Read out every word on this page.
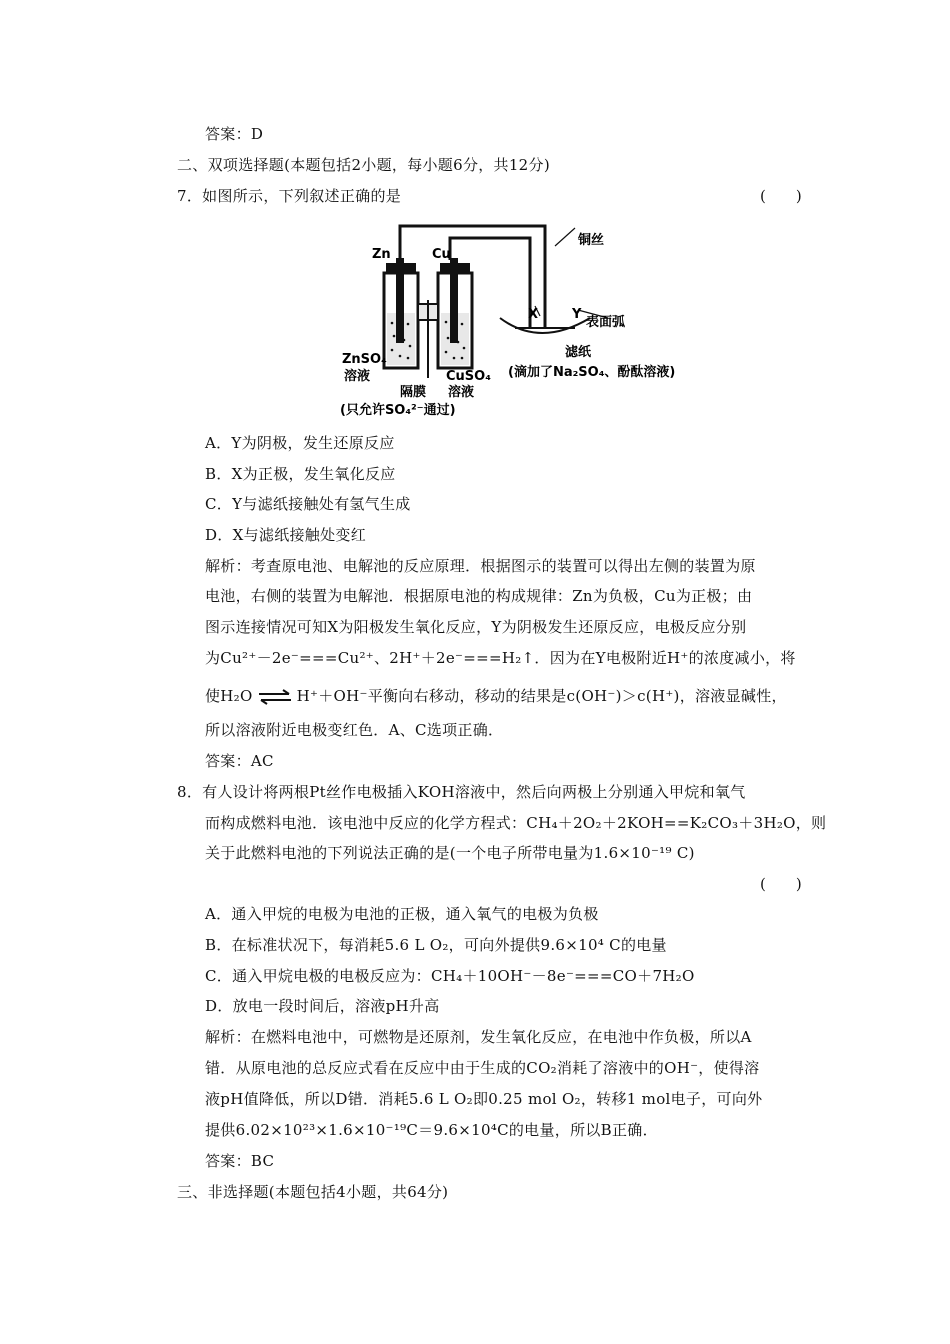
答案：D
二、双项选择题(本题包括2小题，每小题6分，共12分)
7．如图所示，下列叙述正确的是	(　　)
Zn	Cu
铜丝
X	Y
表面弧
滤纸
(滴加了Na₂SO₄、酚酞溶液)
ZnSO₄
溶液	CuSO₄
隔膜 溶液
(只允许SO₄²⁻通过)
A．Y为阴极，发生还原反应
B．X为正极，发生氧化反应
C．Y与滤纸接触处有氢气生成
D．X与滤纸接触处变红
解析：考查原电池、电解池的反应原理．根据图示的装置可以得出左侧的装置为原
电池，右侧的装置为电解池．根据原电池的构成规律：Zn为负极，Cu为正极；由
图示连接情况可知X为阳极发生氧化反应，Y为阴极发生还原反应，电极反应分别
为Cu²⁺－2e⁻===Cu²⁺、2H⁺＋2e⁻===H₂↑．因为在Y电极附近H⁺的浓度减小，将
使H₂O ⇌ H⁺＋OH⁻平衡向右移动，移动的结果是c(OH⁻)＞c(H⁺)，溶液显碱性，
所以溶液附近电极变红色．A、C选项正确．
答案：AC
8．有人设计将两根Pt丝作电极插入KOH溶液中，然后向两极上分别通入甲烷和氧气
而构成燃料电池．该电池中反应的化学方程式：CH₄＋2O₂＋2KOH==K₂CO₃＋3H₂O，则
关于此燃料电池的下列说法正确的是(一个电子所带电量为1.6×10⁻¹⁹ C)
(　　)
A．通入甲烷的电极为电池的正极，通入氧气的电极为负极
B．在标准状况下，每消耗5.6 L O₂，可向外提供9.6×10⁴ C的电量
C．通入甲烷电极的电极反应为：CH₄＋10OH⁻－8e⁻===CO＋7H₂O
D．放电一段时间后，溶液pH升高
解析：在燃料电池中，可燃物是还原剂，发生氧化反应，在电池中作负极，所以A
错．从原电池的总反应式看在反应中由于生成的CO₂消耗了溶液中的OH⁻，使得溶
液pH值降低，所以D错．消耗5.6 L O₂即0.25 mol O₂，转移1 mol电子，可向外
提供6.02×10²³×1.6×10⁻¹⁹C＝9.6×10⁴C的电量，所以B正确．
答案：BC
三、非选择题(本题包括4小题，共64分)
